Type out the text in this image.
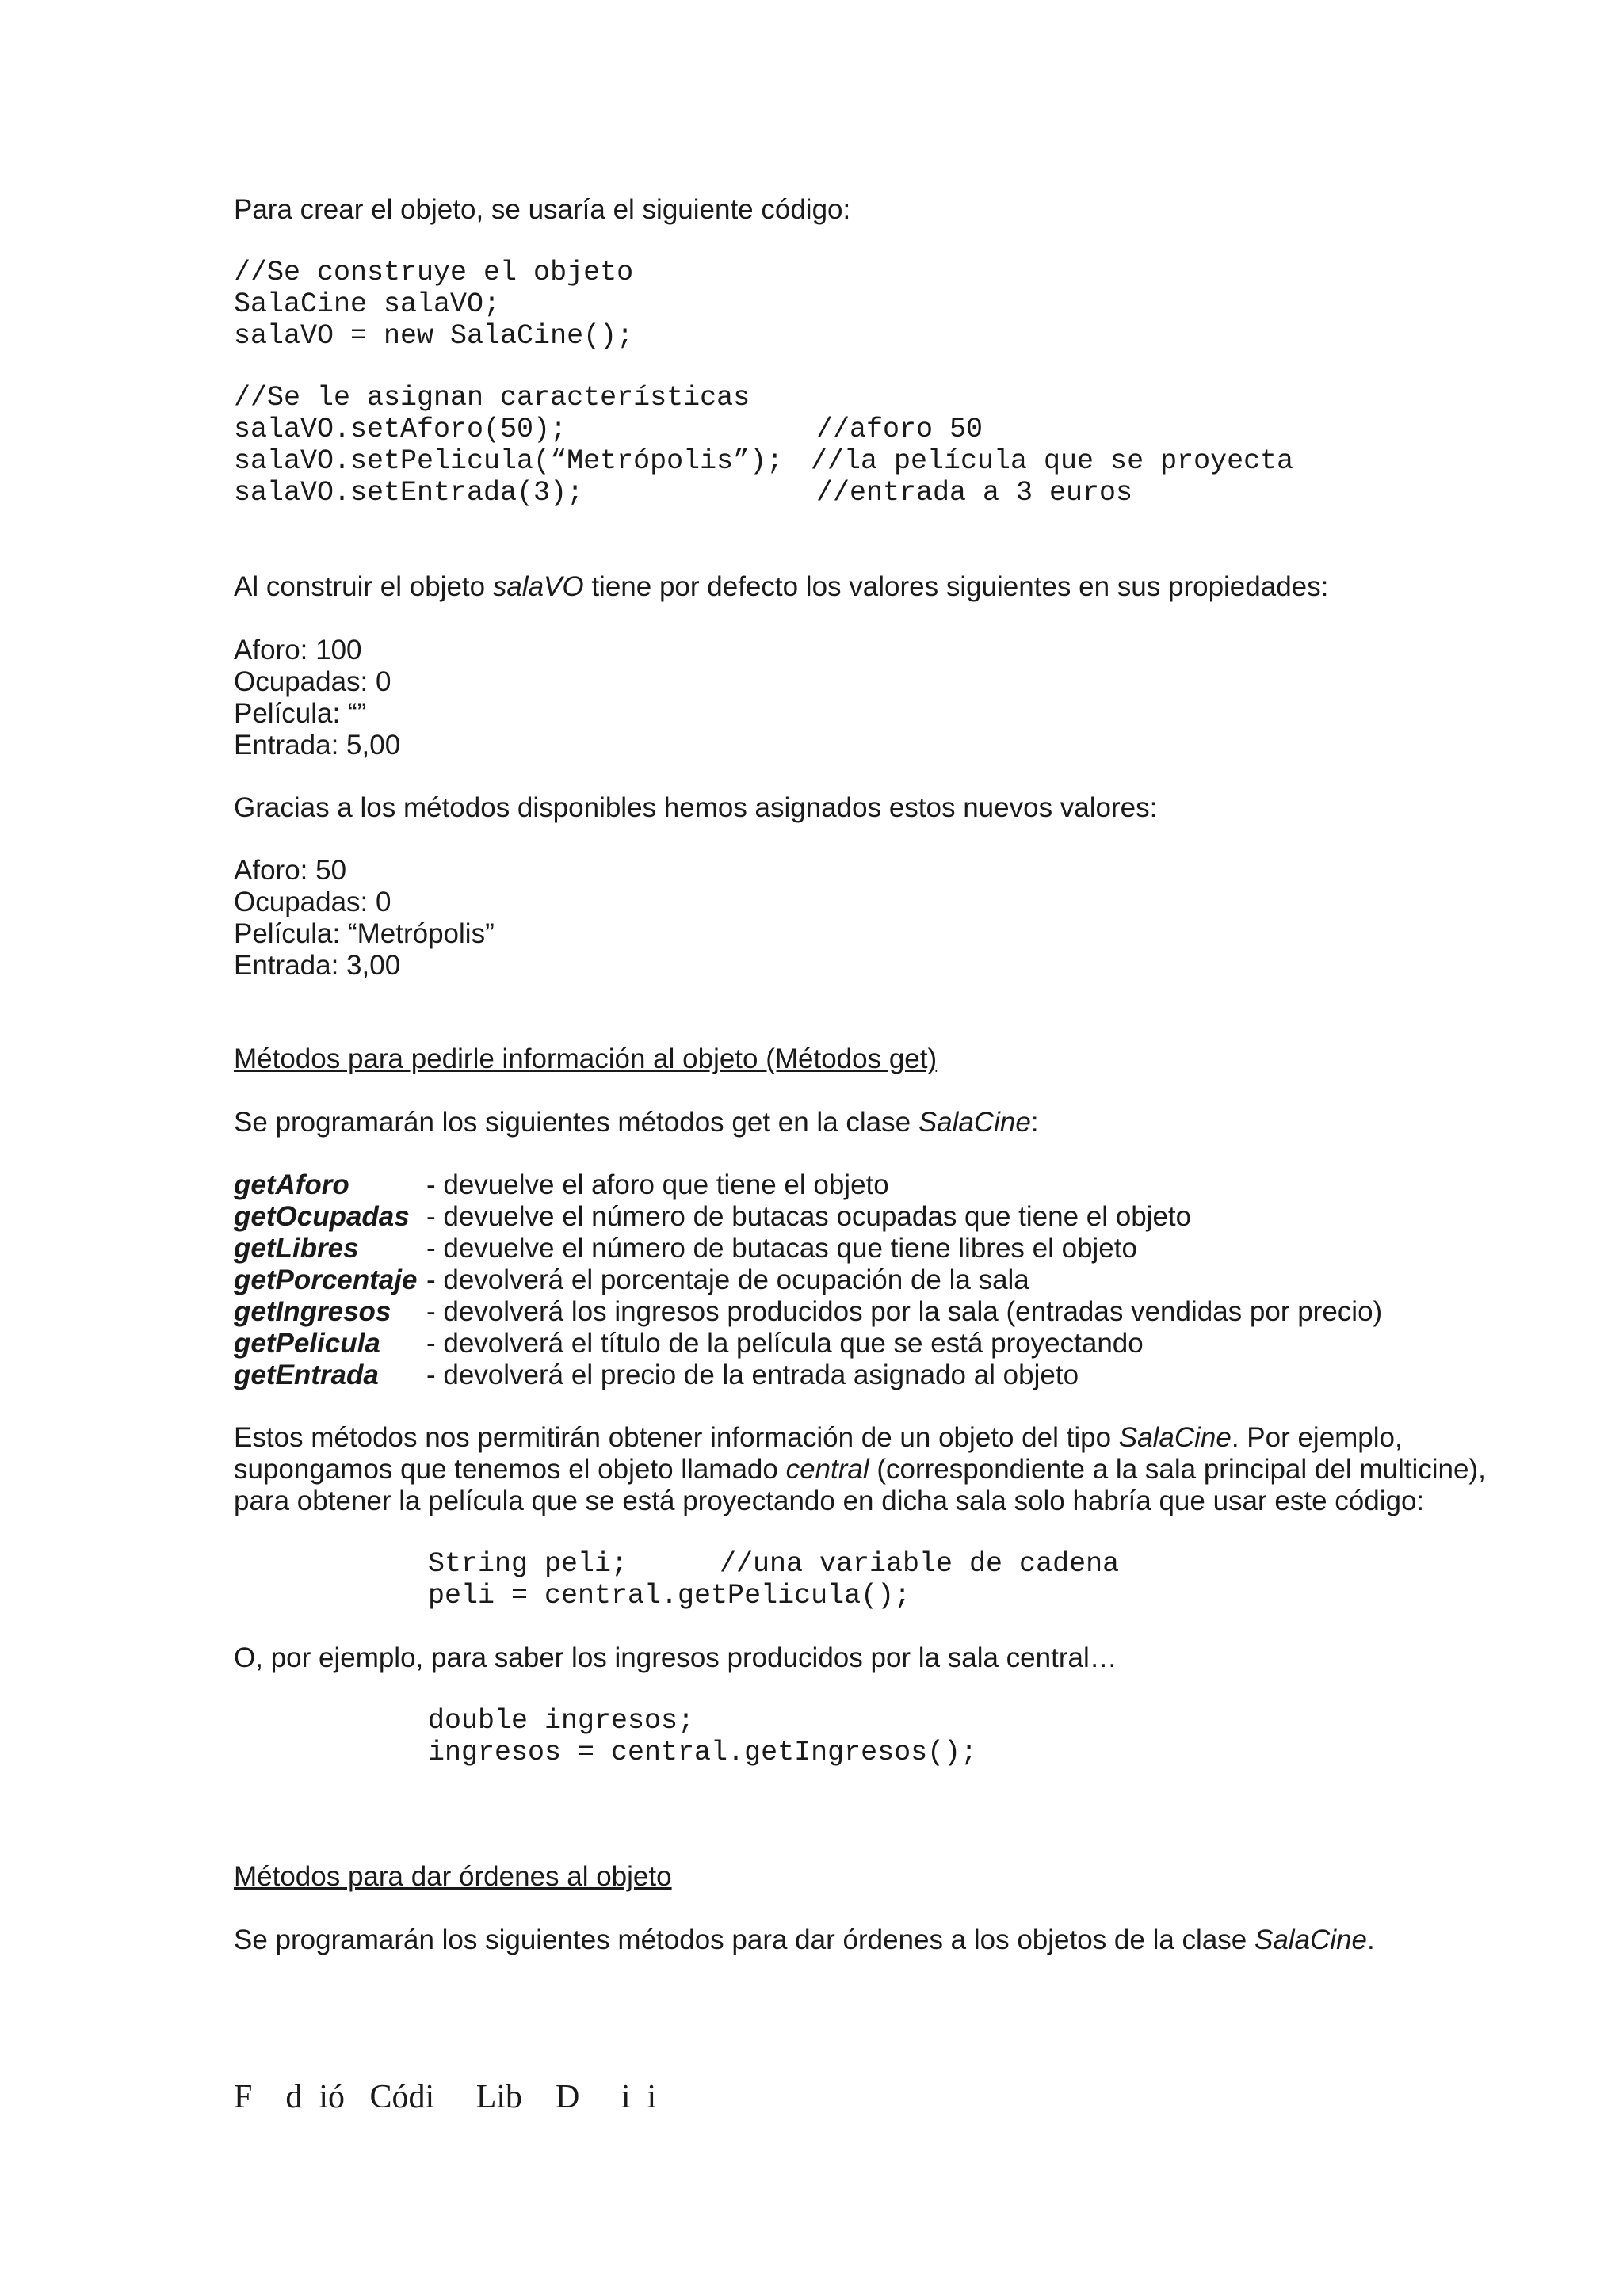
Para crear el objeto, se usaría el siguiente código:
//Se construye el objeto
SalaCine salaVO;
salaVO = new SalaCine();
//Se le asignan características
salaVO.setAforo(50);	//aforo 50
salaVO.setPelicula(“Metrópolis”); //la película que se proyecta
salaVO.setEntrada(3);	//entrada a 3 euros
Al construir el objeto salaVO tiene por defecto los valores siguientes en sus propiedades:
Aforo: 100
Ocupadas: 0
Película: “”
Entrada: 5,00
Gracias a los métodos disponibles hemos asignados estos nuevos valores:
Aforo: 50
Ocupadas: 0
Película: “Metrópolis”
Entrada: 3,00
Métodos para pedirle información al objeto (Métodos get)
Se programarán los siguientes métodos get en la clase SalaCine:
getAforo	- devuelve el aforo que tiene el objeto
getOcupadas - devuelve el número de butacas ocupadas que tiene el objeto
getLibres - devuelve el número de butacas que tiene libres el objeto
getPorcentaje - devolverá el porcentaje de ocupación de la sala
getIngresos - devolverá los ingresos producidos por la sala (entradas vendidas por precio)
getPelicula - devolverá el título de la película que se está proyectando
getEntrada - devolverá el precio de la entrada asignado al objeto
Estos métodos nos permitirán obtener información de un objeto del tipo SalaCine. Por ejemplo,
supongamos que tenemos el objeto llamado central (correspondiente a la sala principal del multicine),
para obtener la película que se está proyectando en dicha sala solo habría que usar este código:
String peli;	//una variable de cadena
peli = central.getPelicula();
O, por ejemplo, para saber los ingresos producidos por la sala central…
double ingresos;
ingresos = central.getIngresos();
Métodos para dar órdenes al objeto
Se programarán los siguientes métodos para dar órdenes a los objetos de la clase SalaCine.
F    d  ió   Códi     Lib    D     i  i
